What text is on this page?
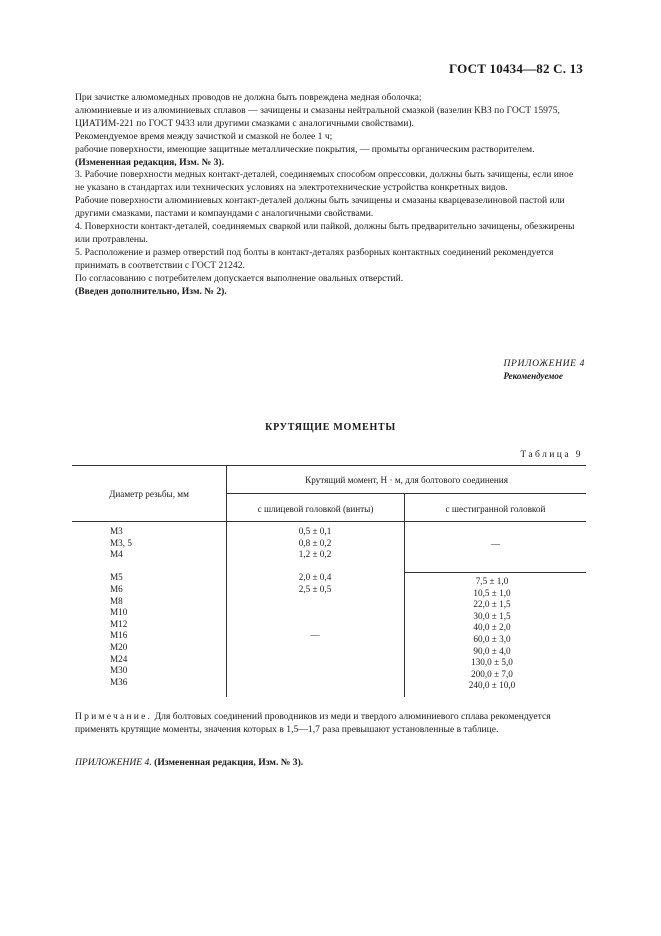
ГОСТ 10434—82 С. 13

При зачистке алюмомедных проводов не должна быть повреждена медная оболочка;

алюминиевые и из алюминиевых сплавов — зачищены и смазаны нейтральной смазкой (вазелин КВЗ по ГОСТ 15975, ЦИАТИМ-221 по ГОСТ 9433 или другими смазками с аналогичными свойствами).

Рекомендуемое время между зачисткой и смазкой не более 1 ч;

рабочие поверхности, имеющие защитные металлические покрытия, — промыты органическим растворителем.

(Измененная редакция, Изм. № 3).

3. Рабочие поверхности медных контакт-деталей, соединяемых способом опрессовки, должны быть зачищены, если иное не указано в стандартах или технических условиях на электротехнические устройства конкретных видов.

Рабочие поверхности алюминиевых контакт-деталей должны быть зачищены и смазаны кварцевазелиновой пастой или другими смазками, пастами и компаундами с аналогичными свойствами.

4. Поверхности контакт-деталей, соединяемых сваркой или пайкой, должны быть предварительно зачищены, обезжирены или протравлены.

5. Расположение и размер отверстий под болты в контакт-деталях разборных контактных соединений рекомендуется принимать в соответствии с ГОСТ 21242.

По согласованию с потребителем допускается выполнение овальных отверстий.

(Введен дополнительно, Изм. № 2).

ПРИЛОЖЕНИЕ 4
Рекомендуемое
КРУТЯЩИЕ МОМЕНТЫ
Таблица 9
Диаметр резьбы, мм
Крутящий момент, Н · м, для болтового соединения
с шлицевой головкой (винты)	с шестигранной головкой
М3
М3, 5
М4

М5
М6
М8
М10
М12
М16
М20
М24
М30
М36
0,5 ± 0,1
0,8 ± 0,2
1,2 ± 0,2

2,0 ± 0,4
2,5 ± 0,5

—
—
7,5 ± 1,0
10,5 ± 1,0
22,0 ± 1,5
30,0 ± 1,5
40,0 ± 2,0
60,0 ± 3,0
90,0 ± 4,0
130,0 ± 5,0
200,0 ± 7,0
240,0 ± 10,0
Примечание. Для болтовых соединений проводников из меди и твердого алюминиевого сплава рекомендуется применять крутящие моменты, значения которых в 1,5—1,7 раза превышают установленные в таблице.
ПРИЛОЖЕНИЕ 4. (Измененная редакция, Изм. № 3).
